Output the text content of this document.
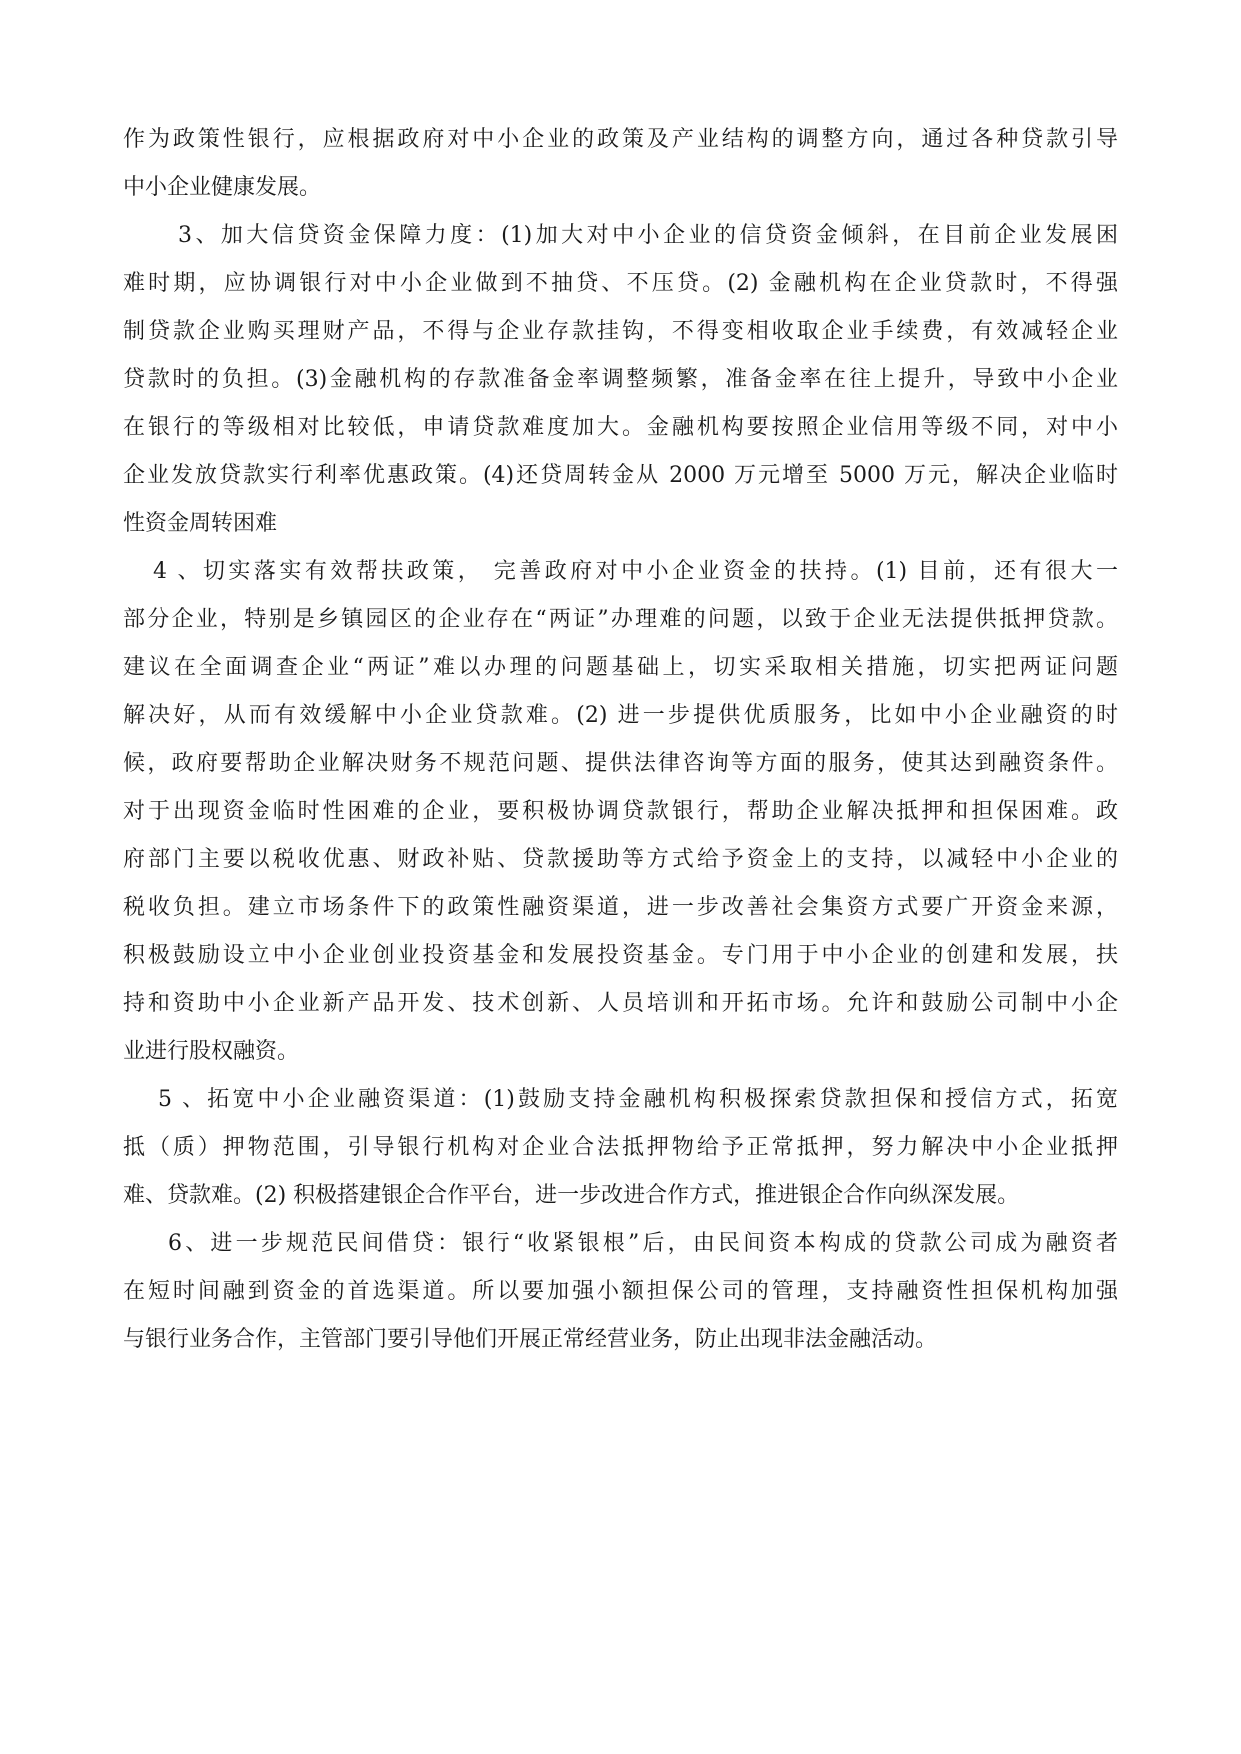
作为政策性银行，应根据政府对中小企业的政策及产业结构的调整方向，通过各种贷款引导
中小企业健康发展。
3、加大信贷资金保障力度：(1)加大对中小企业的信贷资金倾斜，在目前企业发展困
难时期，应协调银行对中小企业做到不抽贷、不压贷。(2) 金融机构在企业贷款时，不得强
制贷款企业购买理财产品，不得与企业存款挂钩，不得变相收取企业手续费，有效减轻企业
贷款时的负担。(3)金融机构的存款准备金率调整频繁，准备金率在往上提升，导致中小企业
在银行的等级相对比较低，申请贷款难度加大。金融机构要按照企业信用等级不同，对中小
企业发放贷款实行利率优惠政策。(4)还贷周转金从 2000 万元增至 5000 万元，解决企业临时
性资金周转困难
4 、切实落实有效帮扶政策， 完善政府对中小企业资金的扶持。(1) 目前，还有很大一
部分企业，特别是乡镇园区的企业存在“两证”办理难的问题，以致于企业无法提供抵押贷款。
建议在全面调查企业“两证”难以办理的问题基础上，切实采取相关措施，切实把两证问题
解决好，从而有效缓解中小企业贷款难。(2) 进一步提供优质服务，比如中小企业融资的时
候，政府要帮助企业解决财务不规范问题、提供法律咨询等方面的服务，使其达到融资条件。
对于出现资金临时性困难的企业，要积极协调贷款银行，帮助企业解决抵押和担保困难。政
府部门主要以税收优惠、财政补贴、贷款援助等方式给予资金上的支持，以减轻中小企业的
税收负担。建立市场条件下的政策性融资渠道，进一步改善社会集资方式要广开资金来源，
积极鼓励设立中小企业创业投资基金和发展投资基金。专门用于中小企业的创建和发展，扶
持和资助中小企业新产品开发、技术创新、人员培训和开拓市场。允许和鼓励公司制中小企
业进行股权融资。
5 、拓宽中小企业融资渠道：(1)鼓励支持金融机构积极探索贷款担保和授信方式，拓宽
抵（质）押物范围，引导银行机构对企业合法抵押物给予正常抵押，努力解决中小企业抵押
难、贷款难。(2) 积极搭建银企合作平台，进一步改进合作方式，推进银企合作向纵深发展。
6、进一步规范民间借贷：银行“收紧银根”后，由民间资本构成的贷款公司成为融资者
在短时间融到资金的首选渠道。所以要加强小额担保公司的管理，支持融资性担保机构加强
与银行业务合作，主管部门要引导他们开展正常经营业务，防止出现非法金融活动。
